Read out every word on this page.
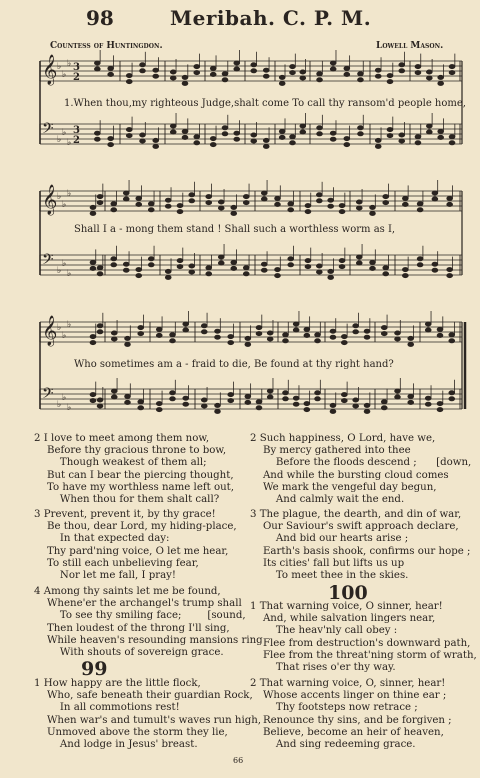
98	Meribah. C. P. M.
Countess of Huntingdon.	Lowell Mason.
𝄞 ♭
♭
♭ 3
2
𝄢 ♭
♭
♭
3
2
𝄞 ♭
♭
♭
𝄢 ♭
♭
♭
𝄞 ♭
♭
♭
𝄢 ♭
♭
♭
1.When thou,my righteous Judge,shalt come To call thy ransom'd people home,
Shall I a - mong them stand ! Shall such a worthless worm as I,
Who sometimes am a - fraid to die, Be found at thy right hand?
2 I love to meet among them now,
Before thy gracious throne to bow,
Though weakest of them all;
But can I bear the piercing thought,
To have my worthless name left out,
When thou for them shalt call?
3 Prevent, prevent it, by thy grace!
Be thou, dear Lord, my hiding-place,
In that expected day:
Thy pard'ning voice, O let me hear,
To still each unbelieving fear,
Nor let me fall, I pray!
4 Among thy saints let me be found,
Whene'er the archangel's trump shall
To see thy smiling face;        [sound,
Then loudest of the throng I'll sing,
While heaven's resounding mansions ring
With shouts of sovereign grace.
99
1 How happy are the little flock,
Who, safe beneath their guardian Rock,
In all commotions rest!
When war's and tumult's waves run high,
Unmoved above the storm they lie,
And lodge in Jesus' breast.
2 Such happiness, O Lord, have we,
By mercy gathered into thee
Before the floods descend ;      [down,
And while the bursting cloud comes
We mark the vengeful day begun,
And calmly wait the end.
3 The plague, the dearth, and din of war,
Our Saviour's swift approach declare,
And bid our hearts arise ;
Earth's basis shook, confirms our hope ;
Its cities' fall but lifts us up
To meet thee in the skies.
100
1 That warning voice, O sinner, hear!
And, while salvation lingers near,
The heav'nly call obey :
Flee from destruction's downward path,
Flee from the threat'ning storm of wrath,
That rises o'er thy way.
2 That warning voice, O, sinner, hear!
Whose accents linger on thine ear ;
Thy footsteps now retrace ;
Renounce thy sins, and be forgiven ;
Believe, become an heir of heaven,
And sing redeeming grace.
66
